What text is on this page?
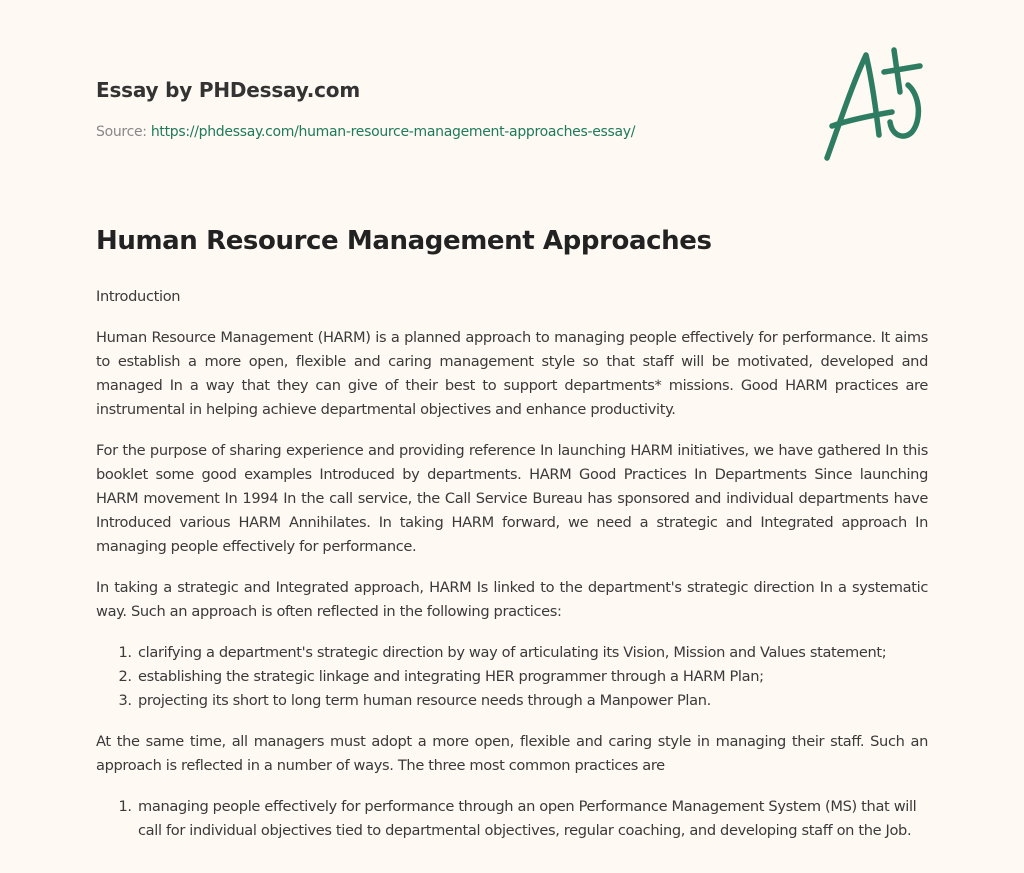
Essay by PHDessay.com
Source: https://phdessay.com/human-resource-management-approaches-essay/
Human Resource Management Approaches

Introduction

Human Resource Management (HARM) is a planned approach to managing people effectively for performance. It aims to establish a more open, flexible and caring management style so that staff will be motivated, developed and managed In a way that they can give of their best to support departments* missions. Good HARM practices are instrumental in helping achieve departmental objectives and enhance productivity.

For the purpose of sharing experience and providing reference In launching HARM initiatives, we have gathered In this booklet some good examples Introduced by departments. HARM Good Practices In Departments Since launching HARM movement In 1994 In the call service, the Call Service Bureau has sponsored and individual departments have Introduced various HARM Annihilates. In taking HARM forward, we need a strategic and Integrated approach In managing people effectively for performance.

In taking a strategic and Integrated approach, HARM Is linked to the department's strategic direction In a systematic way. Such an approach is often reflected in the following practices:

1. clarifying a department's strategic direction by way of articulating its Vision, Mission and Values statement;
2. establishing the strategic linkage and integrating HER programmer through a HARM Plan;
3. projecting its short to long term human resource needs through a Manpower Plan.

At the same time, all managers must adopt a more open, flexible and caring style in managing their staff. Such an approach is reflected in a number of ways. The three most common practices are

1. managing people effectively for performance through an open Performance Management System (MS) that will call for individual objectives tied to departmental objectives, regular coaching, and developing staff on the Job.
